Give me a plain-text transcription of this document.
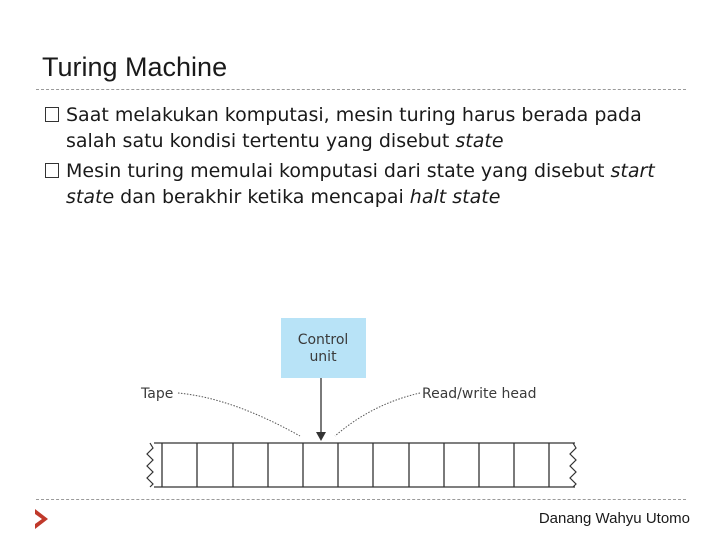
Turing Machine
Saat melakukan komputasi, mesin turing harus berada pada salah satu kondisi tertentu yang disebut state
Mesin turing memulai komputasi dari state yang disebut start state dan berakhir ketika mencapai halt state
Control
unit
Tape	Read/write head
Danang Wahyu Utomo
